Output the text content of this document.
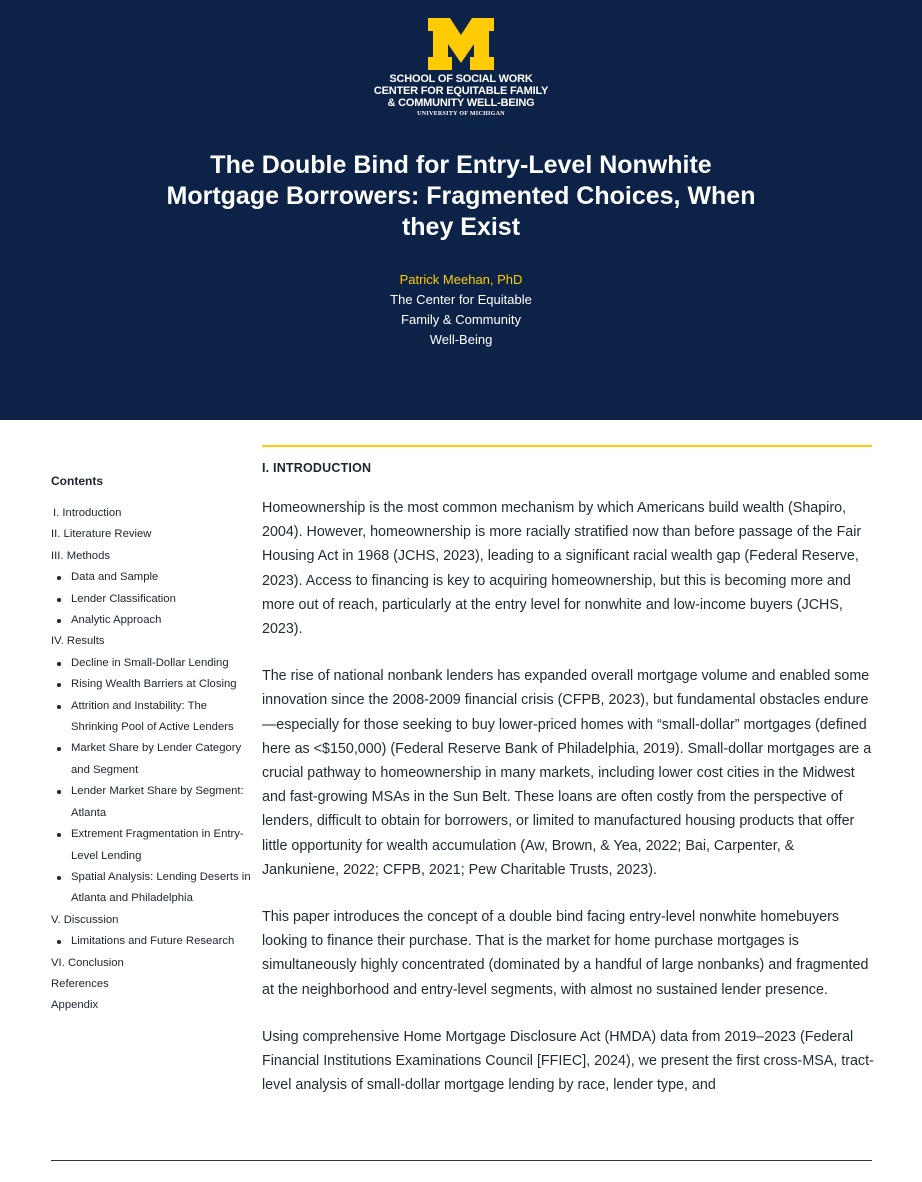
SCHOOL OF SOCIAL WORK
CENTER FOR EQUITABLE FAMILY
& COMMUNITY WELL-BEING
UNIVERSITY OF MICHIGAN
The Double Bind for Entry-Level Nonwhite Mortgage Borrowers: Fragmented Choices, When they Exist
Patrick Meehan, PhD
The Center for Equitable
Family & Community
Well-Being
Contents
I. Introduction
II. Literature Review
III. Methods
Data and Sample
Lender Classification
Analytic Approach
IV. Results
Decline in Small-Dollar Lending
Rising Wealth Barriers at Closing
Attrition and Instability: The Shrinking Pool of Active Lenders
Market Share by Lender Category and Segment
Lender Market Share by Segment: Atlanta
Extrement Fragmentation in Entry-Level Lending
Spatial Analysis: Lending Deserts in Atlanta and Philadelphia
V. Discussion
Limitations and Future Research
VI. Conclusion
References
Appendix
I. INTRODUCTION

Homeownership is the most common mechanism by which Americans build wealth (Shapiro, 2004). However, homeownership is more racially stratified now than before passage of the Fair Housing Act in 1968 (JCHS, 2023), leading to a significant racial wealth gap (Federal Reserve, 2023). Access to financing is key to acquiring homeownership, but this is becoming more and more out of reach, particularly at the entry level for nonwhite and low-income buyers (JCHS, 2023).

The rise of national nonbank lenders has expanded overall mortgage volume and enabled some innovation since the 2008-2009 financial crisis (CFPB, 2023), but fundamental obstacles endure—especially for those seeking to buy lower-priced homes with “small-dollar” mortgages (defined here as <$150,000) (Federal Reserve Bank of Philadelphia, 2019). Small-dollar mortgages are a crucial pathway to homeownership in many markets, including lower cost cities in the Midwest and fast-growing MSAs in the Sun Belt. These loans are often costly from the perspective of lenders, difficult to obtain for borrowers, or limited to manufactured housing products that offer little opportunity for wealth accumulation (Aw, Brown, & Yea, 2022; Bai, Carpenter, & Jankuniene, 2022; CFPB, 2021; Pew Charitable Trusts, 2023).

This paper introduces the concept of a double bind facing entry-level nonwhite homebuyers looking to finance their purchase. That is the market for home purchase mortgages is simultaneously highly concentrated (dominated by a handful of large nonbanks) and fragmented at the neighborhood and entry-level segments, with almost no sustained lender presence.

Using comprehensive Home Mortgage Disclosure Act (HMDA) data from 2019–2023 (Federal Financial Institutions Examinations Council [FFIEC], 2024), we present the first cross-MSA, tract-level analysis of small-dollar mortgage lending by race, lender type, and
